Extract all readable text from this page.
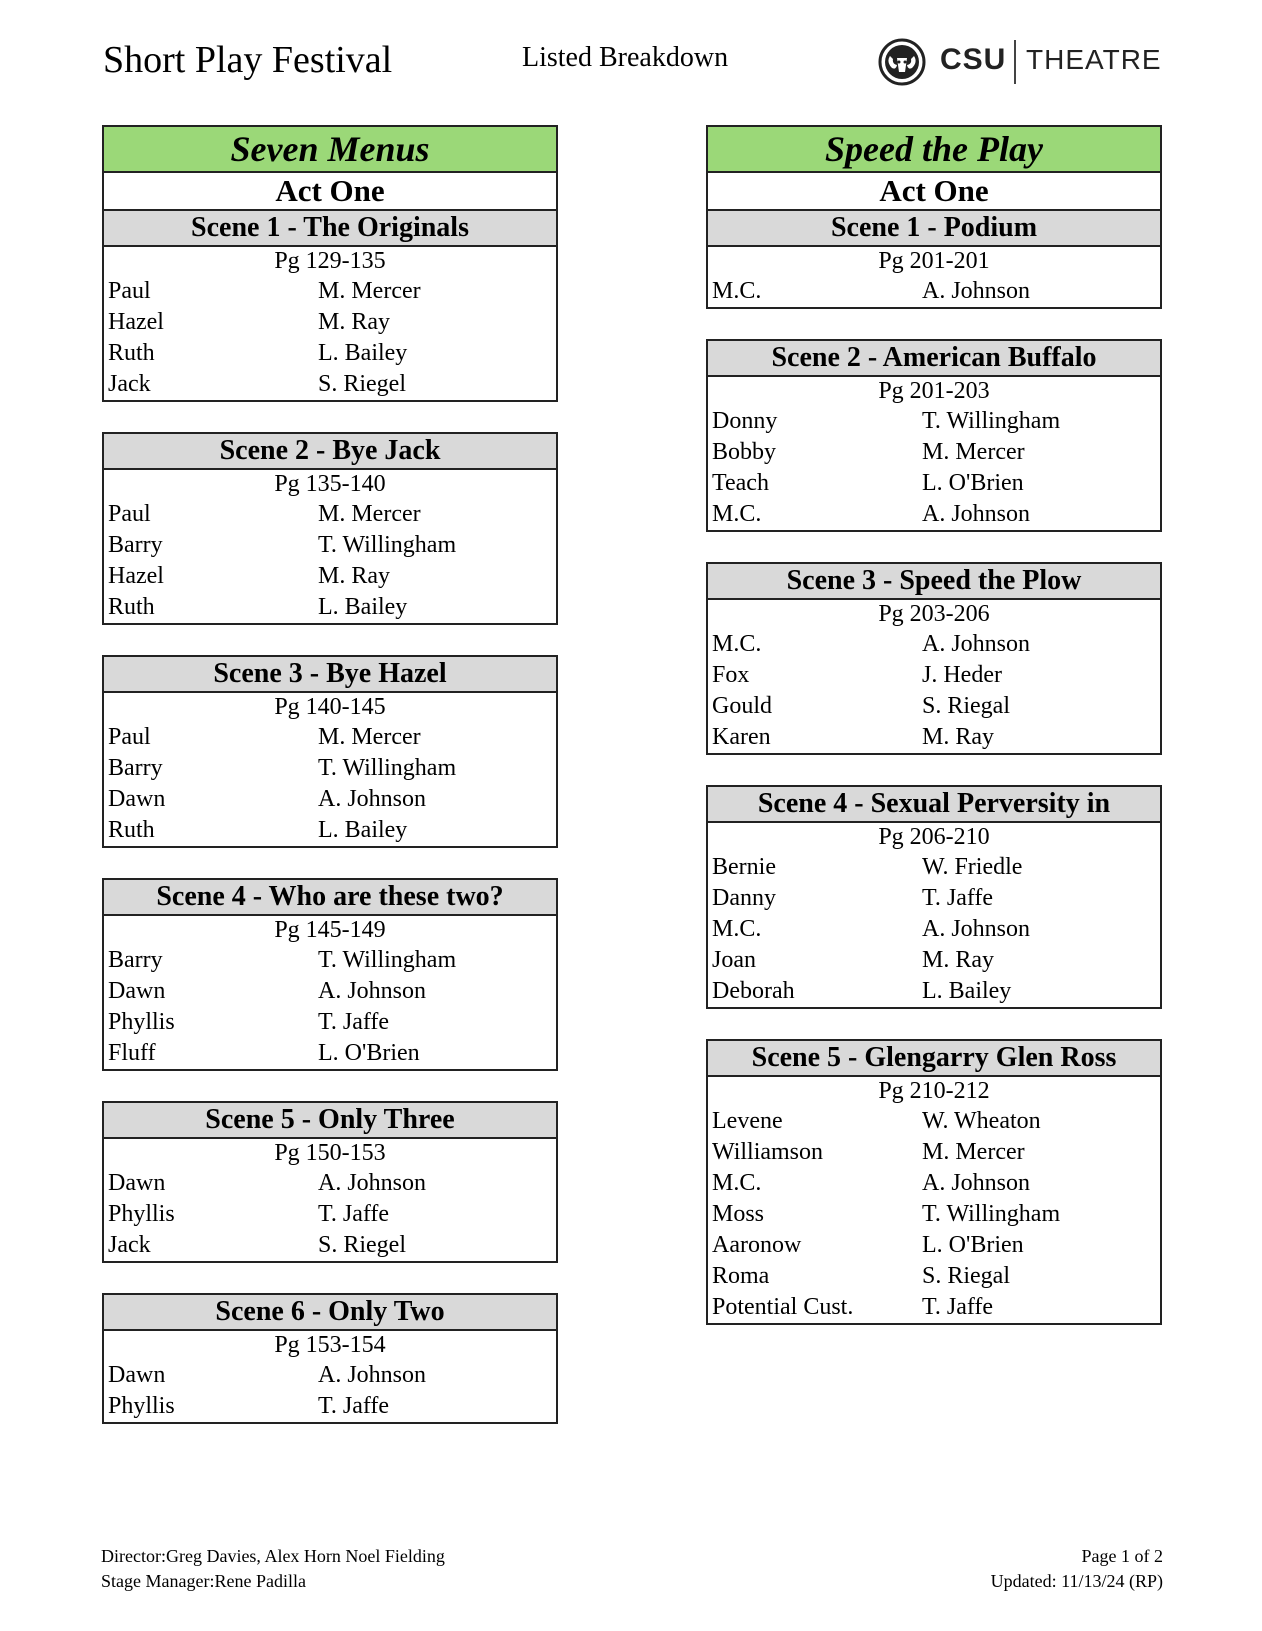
Short Play Festival	Listed Breakdown	CSU THEATRE
Seven Menus
Act One
Scene 1 - The Originals
Pg 129-135
Paul	M. Mercer
Hazel	M. Ray
Ruth	L. Bailey
Jack	S. Riegel
Scene 2 - Bye Jack
Pg 135-140
Paul	M. Mercer
Barry	T. Willingham
Hazel	M. Ray
Ruth	L. Bailey
Scene 3 - Bye Hazel
Pg 140-145
Paul	M. Mercer
Barry	T. Willingham
Dawn	A. Johnson
Ruth	L. Bailey
Scene 4 - Who are these two?
Pg 145-149
Barry	T. Willingham
Dawn	A. Johnson
Phyllis	T. Jaffe
Fluff	L. O'Brien
Scene 5 - Only Three
Pg 150-153
Dawn	A. Johnson
Phyllis	T. Jaffe
Jack	S. Riegel
Scene 6 - Only Two
Pg 153-154
Dawn	A. Johnson
Phyllis	T. Jaffe
Speed the Play
Act One
Scene 1 - Podium
Pg 201-201
M.C.	A. Johnson
Scene 2 - American Buffalo
Pg 201-203
Donny	T. Willingham
Bobby	M. Mercer
Teach	L. O'Brien
M.C.	A. Johnson
Scene 3 - Speed the Plow
Pg 203-206
M.C.	A. Johnson
Fox	J. Heder
Gould	S. Riegal
Karen	M. Ray
Scene 4 - Sexual Perversity in
Pg 206-210
Bernie	W. Friedle
Danny	T. Jaffe
M.C.	A. Johnson
Joan	M. Ray
Deborah	L. Bailey
Scene 5 - Glengarry Glen Ross
Pg 210-212
Levene	W. Wheaton
Williamson	M. Mercer
M.C.	A. Johnson
Moss	T. Willingham
Aaronow	L. O'Brien
Roma	S. Riegal
Potential Cust.	T. Jaffe
Director:Greg Davies, Alex Horn Noel Fielding
Stage Manager:Rene Padilla
Page 1 of 2
Updated: 11/13/24 (RP)
